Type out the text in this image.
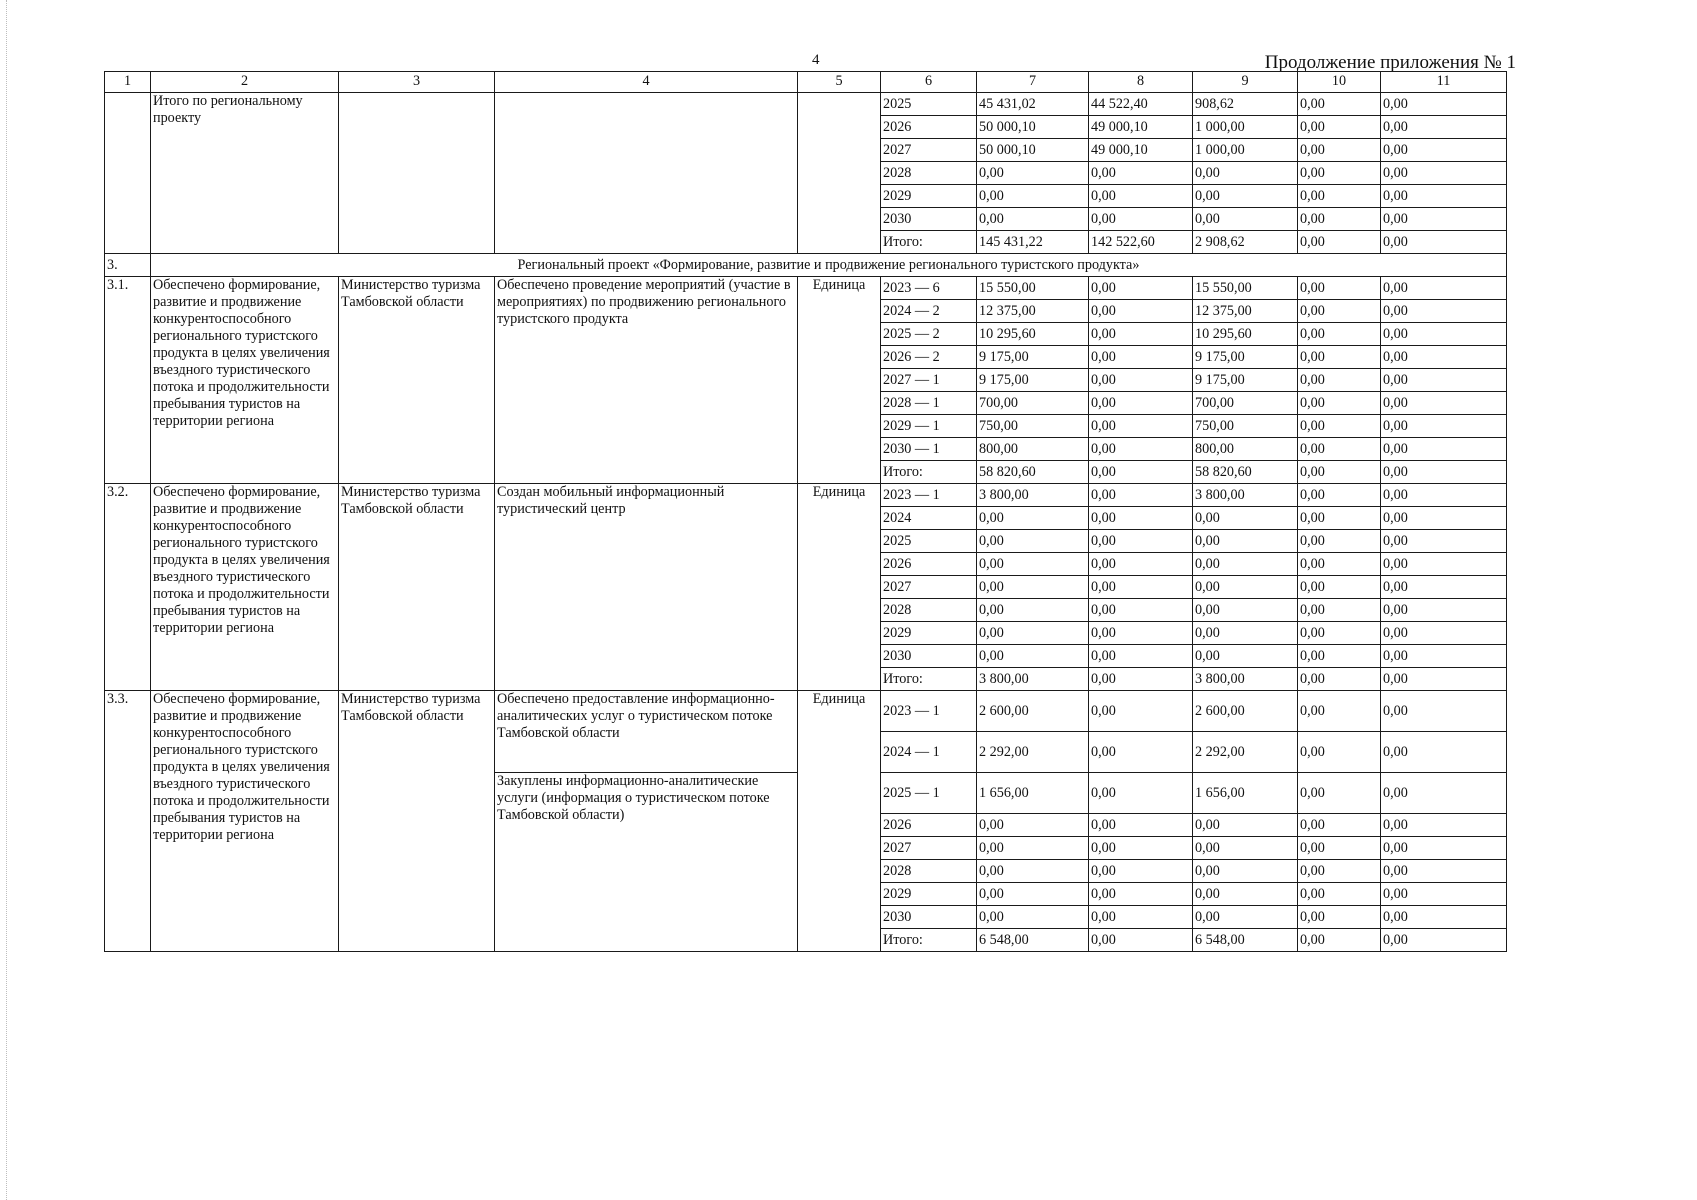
4	Продолжение приложения № 1
1	2	3	4	5	6	7	8	9	10	11
	Итого по региональному проекту				2025	45 431,02	44 522,40	908,62	0,00	0,00
					2026	50 000,10	49 000,10	1 000,00	0,00	0,00
					2027	50 000,10	49 000,10	1 000,00	0,00	0,00
					2028	0,00	0,00	0,00	0,00	0,00
					2029	0,00	0,00	0,00	0,00	0,00
					2030	0,00	0,00	0,00	0,00	0,00
					Итого:	145 431,22	142 522,60	2 908,62	0,00	0,00
3.	Региональный проект «Формирование, развитие и продвижение регионального туристского продукта»									
3.1.	Обеспечено формирование, развитие и продвижение конкурентоспособного регионального туристского продукта в целях увеличения въездного туристического потока и продолжительности пребывания туристов на территории региона	Министерство туризма Тамбовской области	Обеспечено проведение мероприятий (участие в мероприятиях) по продвижению регионального туристского продукта	Единица	2023 — 6	15 550,00	0,00	15 550,00	0,00	0,00
					2024 — 2	12 375,00	0,00	12 375,00	0,00	0,00
					2025 — 2	10 295,60	0,00	10 295,60	0,00	0,00
					2026 — 2	9 175,00	0,00	9 175,00	0,00	0,00
					2027 — 1	9 175,00	0,00	9 175,00	0,00	0,00
					2028 — 1	700,00	0,00	700,00	0,00	0,00
					2029 — 1	750,00	0,00	750,00	0,00	0,00
					2030 — 1	800,00	0,00	800,00	0,00	0,00
					Итого:	58 820,60	0,00	58 820,60	0,00	0,00
3.2.	Обеспечено формирование, развитие и продвижение конкурентоспособного регионального туристского продукта в целях увеличения въездного туристического потока и продолжительности пребывания туристов на территории региона	Министерство туризма Тамбовской области	Создан мобильный информационный туристический центр	Единица	2023 — 1	3 800,00	0,00	3 800,00	0,00	0,00
					2024	0,00	0,00	0,00	0,00	0,00
					2025	0,00	0,00	0,00	0,00	0,00
					2026	0,00	0,00	0,00	0,00	0,00
					2027	0,00	0,00	0,00	0,00	0,00
					2028	0,00	0,00	0,00	0,00	0,00
					2029	0,00	0,00	0,00	0,00	0,00
					2030	0,00	0,00	0,00	0,00	0,00
					Итого:	3 800,00	0,00	3 800,00	0,00	0,00
3.3.	Обеспечено формирование, развитие и продвижение конкурентоспособного регионального туристского продукта в целях увеличения въездного туристического потока и продолжительности пребывания туристов на территории региона	Министерство туризма Тамбовской области	Обеспечено предоставление информационно-аналитических услуг о туристическом потоке Тамбовской области	Единица	2023 — 1	2 600,00	0,00	2 600,00	0,00	0,00
					2024 — 1	2 292,00	0,00	2 292,00	0,00	0,00
			Закуплены информационно-аналитические услуги (информация о туристическом потоке Тамбовской области)		2025 — 1	1 656,00	0,00	1 656,00	0,00	0,00
					2026	0,00	0,00	0,00	0,00	0,00
					2027	0,00	0,00	0,00	0,00	0,00
					2028	0,00	0,00	0,00	0,00	0,00
					2029	0,00	0,00	0,00	0,00	0,00
					2030	0,00	0,00	0,00	0,00	0,00
					Итого:	6 548,00	0,00	6 548,00	0,00	0,00
